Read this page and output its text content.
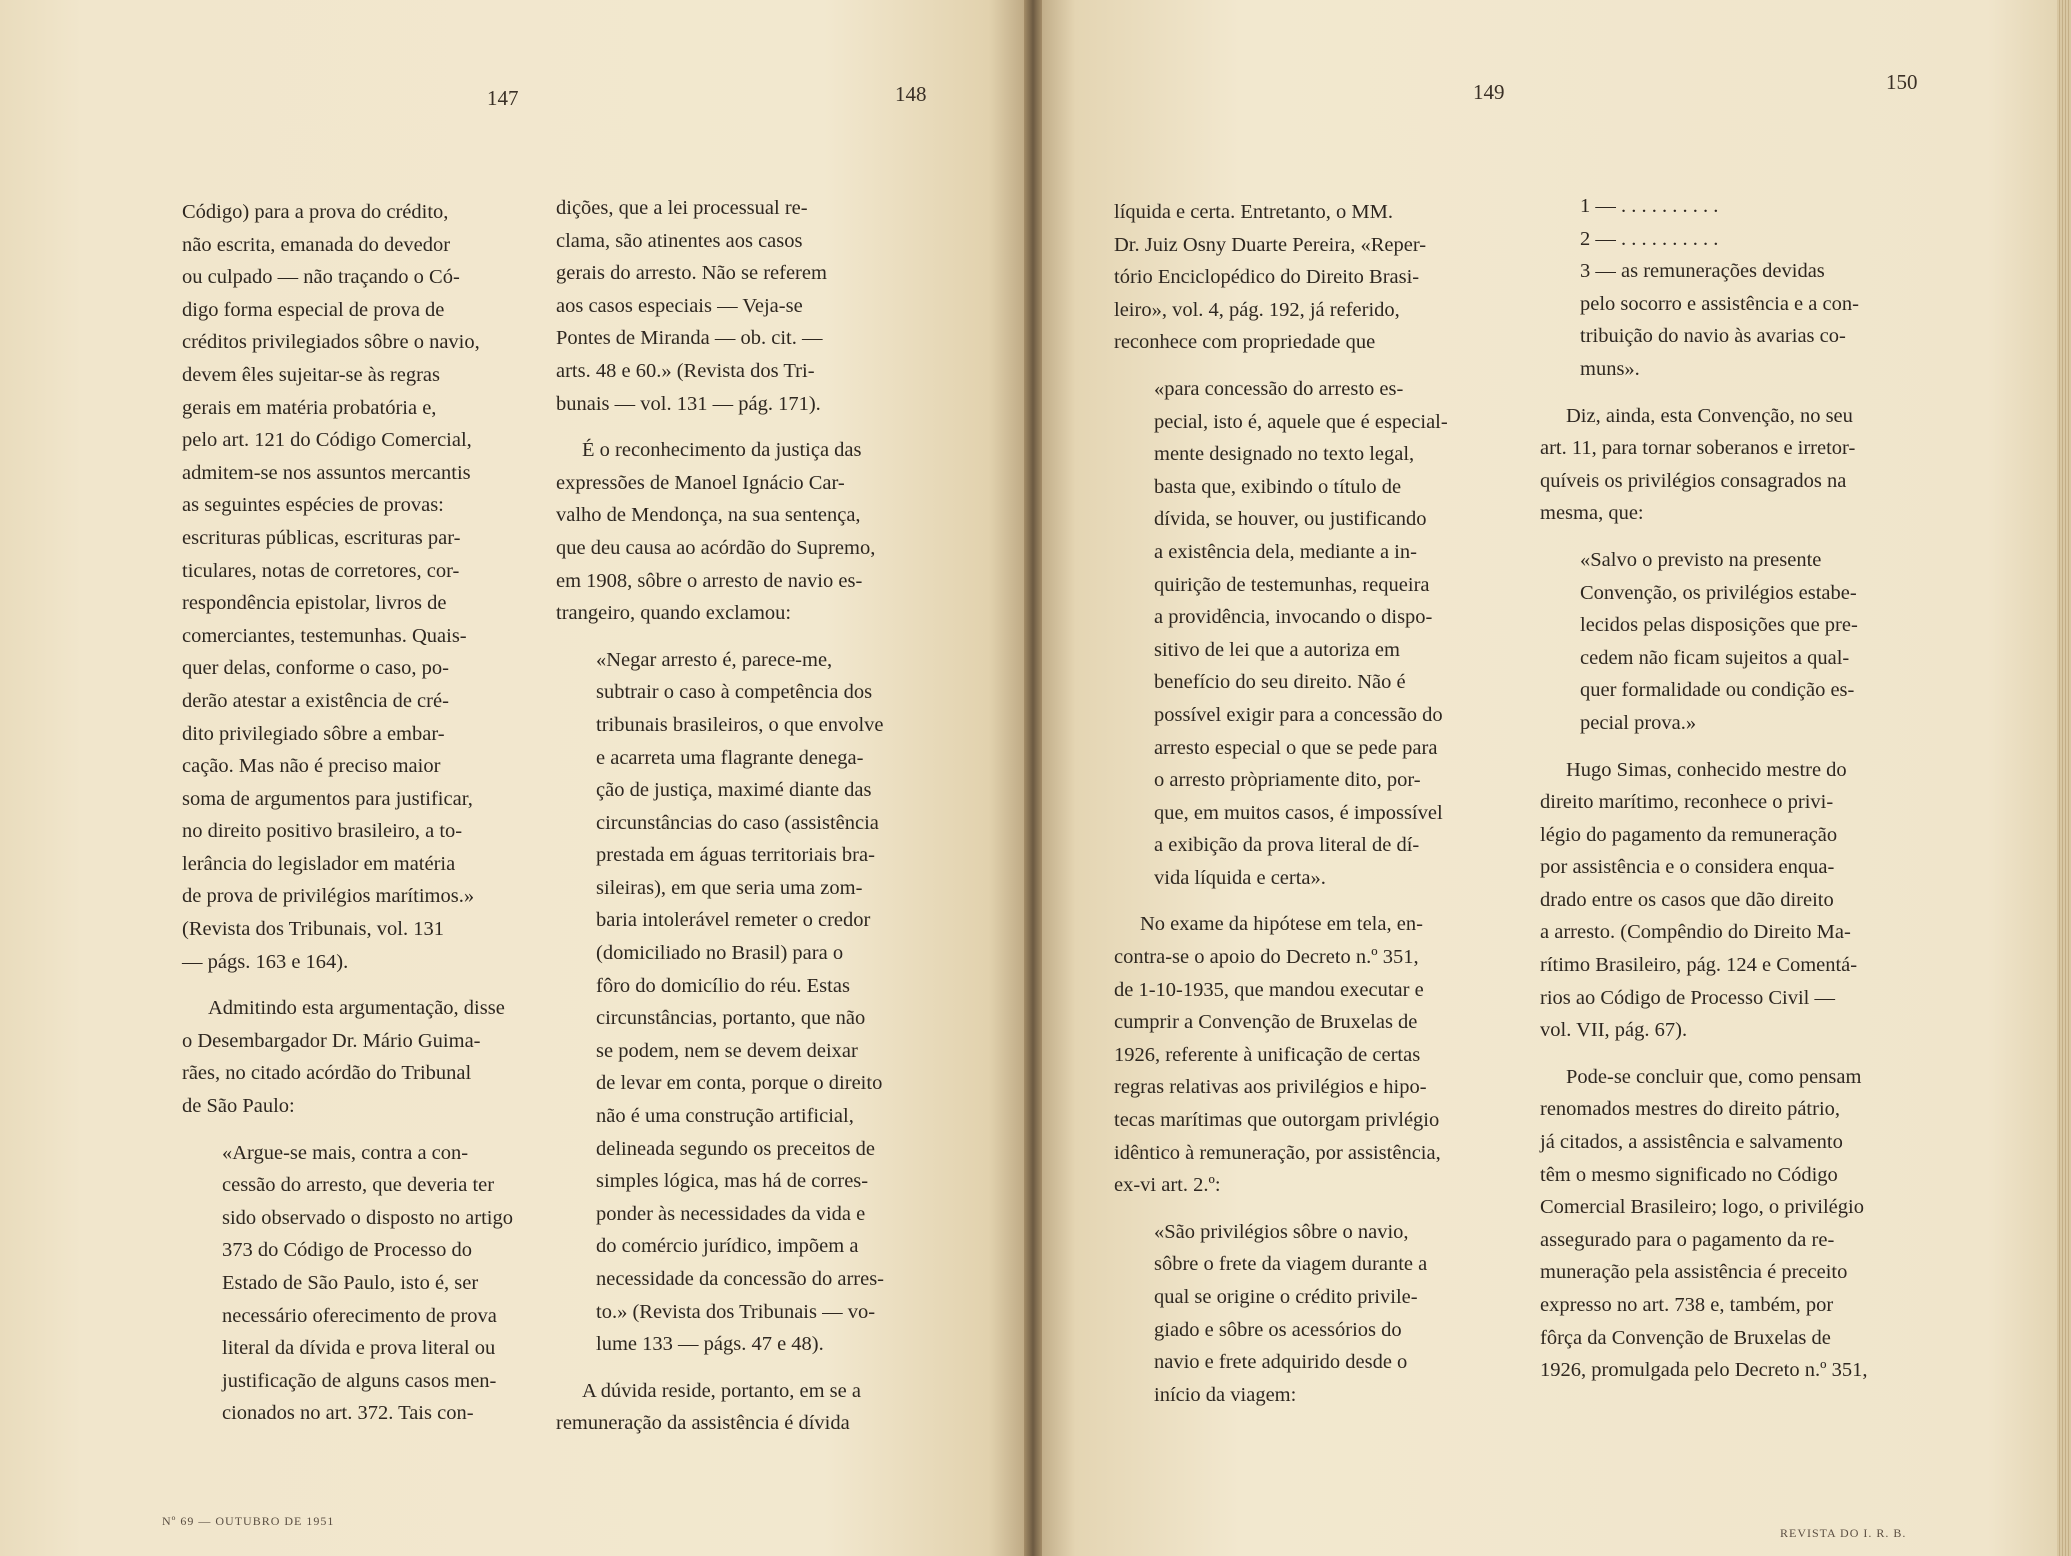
147	148	149	150
Código) para a prova do crédito,
não escrita, emanada do devedor
ou culpado — não traçando o Có-
digo forma especial de prova de
créditos privilegiados sôbre o navio,
devem êles sujeitar-se às regras
gerais em matéria probatória e,
pelo art. 121 do Código Comercial,
admitem-se nos assuntos mercantis
as seguintes espécies de provas:
escrituras públicas, escrituras par-
ticulares, notas de corretores, cor-
respondência epistolar, livros de
comerciantes, testemunhas. Quais-
quer delas, conforme o caso, po-
derão atestar a existência de cré-
dito privilegiado sôbre a embar-
cação. Mas não é preciso maior
soma de argumentos para justificar,
no direito positivo brasileiro, a to-
lerância do legislador em matéria
de prova de privilégios marítimos.»
(Revista dos Tribunais, vol. 131
— págs. 163 e 164).
Admitindo esta argumentação, disse
o Desembargador Dr. Mário Guima-
rães, no citado acórdão do Tribunal
de São Paulo:
«Argue-se mais, contra a con-
cessão do arresto, que deveria ter
sido observado o disposto no artigo
373 do Código de Processo do
Estado de São Paulo, isto é, ser
necessário oferecimento de prova
literal da dívida e prova literal ou
justificação de alguns casos men-
cionados no art. 372. Tais con-
dições, que a lei processual re-
clama, são atinentes aos casos
gerais do arresto. Não se referem
aos casos especiais — Veja-se
Pontes de Miranda — ob. cit. —
arts. 48 e 60.» (Revista dos Tri-
bunais — vol. 131 — pág. 171).
É o reconhecimento da justiça das
expressões de Manoel Ignácio Car-
valho de Mendonça, na sua sentença,
que deu causa ao acórdão do Supremo,
em 1908, sôbre o arresto de navio es-
trangeiro, quando exclamou:
«Negar arresto é, parece-me,
subtrair o caso à competência dos
tribunais brasileiros, o que envolve
e acarreta uma flagrante denega-
ção de justiça, maximé diante das
circunstâncias do caso (assistência
prestada em águas territoriais bra-
sileiras), em que seria uma zom-
baria intolerável remeter o credor
(domiciliado no Brasil) para o
fôro do domicílio do réu. Estas
circunstâncias, portanto, que não
se podem, nem se devem deixar
de levar em conta, porque o direito
não é uma construção artificial,
delineada segundo os preceitos de
simples lógica, mas há de corres-
ponder às necessidades da vida e
do comércio jurídico, impõem a
necessidade da concessão do arres-
to.» (Revista dos Tribunais — vo-
lume 133 — págs. 47 e 48).
A dúvida reside, portanto, em se a
remuneração da assistência é dívida
líquida e certa. Entretanto, o MM.
Dr. Juiz Osny Duarte Pereira, «Reper-
tório Enciclopédico do Direito Brasi-
leiro», vol. 4, pág. 192, já referido,
reconhece com propriedade que
«para concessão do arresto es-
pecial, isto é, aquele que é especial-
mente designado no texto legal,
basta que, exibindo o título de
dívida, se houver, ou justificando
a existência dela, mediante a in-
quirição de testemunhas, requeira
a providência, invocando o dispo-
sitivo de lei que a autoriza em
benefício do seu direito. Não é
possível exigir para a concessão do
arresto especial o que se pede para
o arresto pròpriamente dito, por-
que, em muitos casos, é impossível
a exibição da prova literal de dí-
vida líquida e certa».
No exame da hipótese em tela, en-
contra-se o apoio do Decreto n.º 351,
de 1-10-1935, que mandou executar e
cumprir a Convenção de Bruxelas de
1926, referente à unificação de certas
regras relativas aos privilégios e hipo-
tecas marítimas que outorgam privlégio
idêntico à remuneração, por assistência,
ex-vi art. 2.º:
«São privilégios sôbre o navio,
sôbre o frete da viagem durante a
qual se origine o crédito privile-
giado e sôbre os acessórios do
navio e frete adquirido desde o
início da viagem:
1 — . . . . . . . . . .
2 — . . . . . . . . . .
3 — as remunerações devidas
pelo socorro e assistência e a con-
tribuição do navio às avarias co-
muns».
Diz, ainda, esta Convenção, no seu
art. 11, para tornar soberanos e irretor-
quíveis os privilégios consagrados na
mesma, que:
«Salvo o previsto na presente
Convenção, os privilégios estabe-
lecidos pelas disposições que pre-
cedem não ficam sujeitos a qual-
quer formalidade ou condição es-
pecial prova.»
Hugo Simas, conhecido mestre do
direito marítimo, reconhece o privi-
légio do pagamento da remuneração
por assistência e o considera enqua-
drado entre os casos que dão direito
a arresto. (Compêndio do Direito Ma-
rítimo Brasileiro, pág. 124 e Comentá-
rios ao Código de Processo Civil —
vol. VII, pág. 67).
Pode-se concluir que, como pensam
renomados mestres do direito pátrio,
já citados, a assistência e salvamento
têm o mesmo significado no Código
Comercial Brasileiro; logo, o privilégio
assegurado para o pagamento da re-
muneração pela assistência é preceito
expresso no art. 738 e, também, por
fôrça da Convenção de Bruxelas de
1926, promulgada pelo Decreto n.º 351,
Nº 69 — OUTUBRO DE 1951
REVISTA DO I. R. B.
